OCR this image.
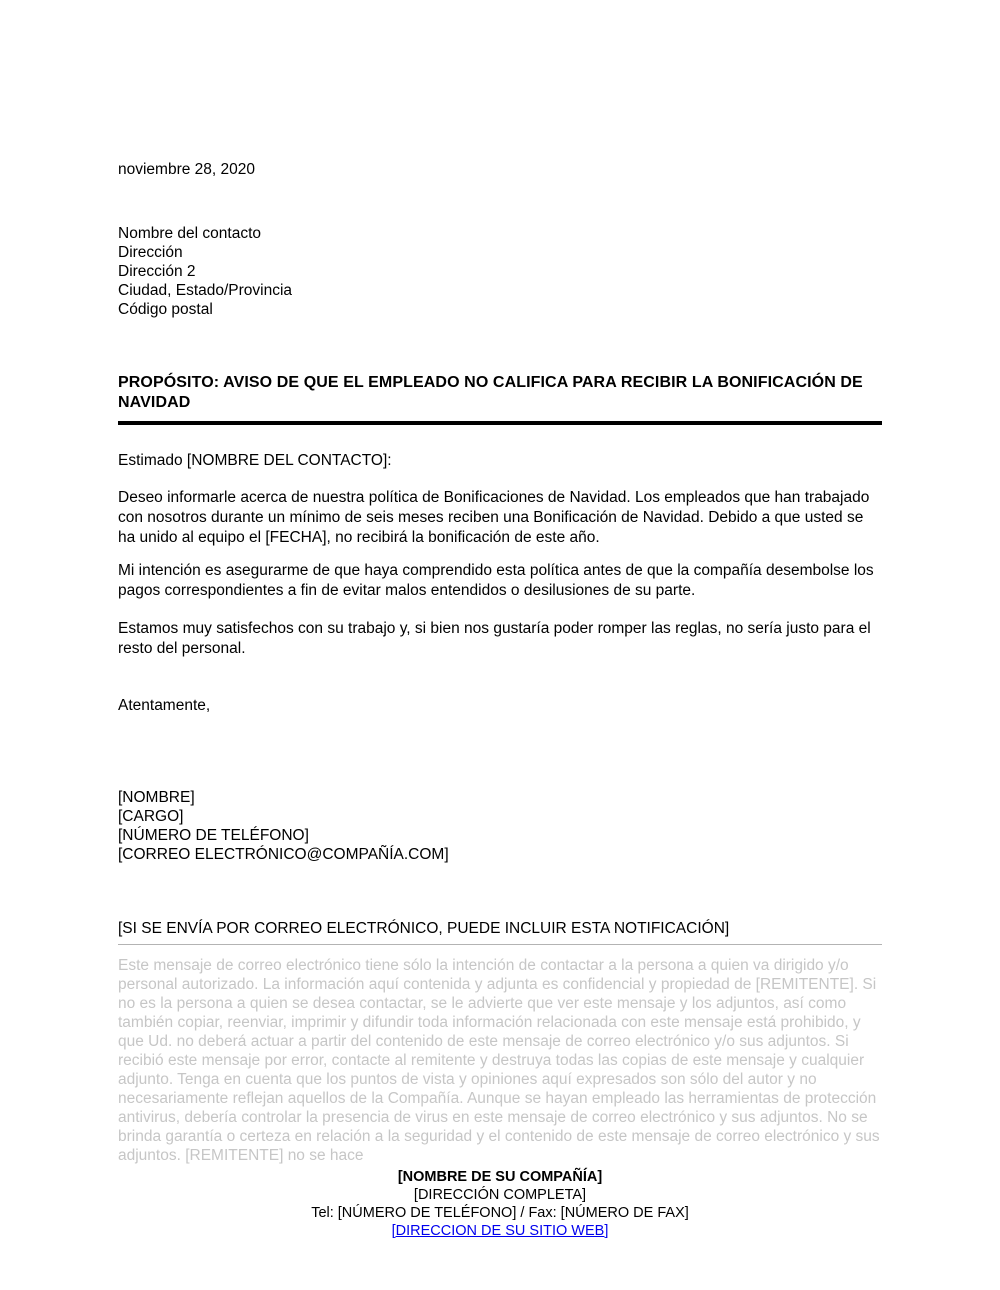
noviembre 28, 2020
Nombre del contacto
Dirección
Dirección 2
Ciudad, Estado/Provincia
Código postal
PROPÓSITO: AVISO DE QUE EL EMPLEADO NO CALIFICA PARA RECIBIR LA BONIFICACIÓN DE NAVIDAD
Estimado [NOMBRE DEL CONTACTO]:

Deseo informarle acerca de nuestra política de Bonificaciones de Navidad. Los empleados que han trabajado con nosotros durante un mínimo de seis meses reciben una Bonificación de Navidad. Debido a que usted se ha unido al equipo el [FECHA], no recibirá la bonificación de este año.

Mi intención es asegurarme de que haya comprendido esta política antes de que la compañía desembolse los pagos correspondientes a fin de evitar malos entendidos o desilusiones de su parte.

Estamos muy satisfechos con su trabajo y, si bien nos gustaría poder romper las reglas, no sería justo para el resto del personal.

Atentamente,
[NOMBRE]
[CARGO]
[NÚMERO DE TELÉFONO]
[CORREO ELECTRÓNICO@COMPAÑÍA.COM]
[SI SE ENVÍA POR CORREO ELECTRÓNICO, PUEDE INCLUIR ESTA NOTIFICACIÓN]
Este mensaje de correo electrónico tiene sólo la intención de contactar a la persona a quien va dirigido y/o personal autorizado. La información aquí contenida y adjunta es confidencial y propiedad de [REMITENTE]. Si no es la persona a quien se desea contactar, se le advierte que ver este mensaje y los adjuntos, así como también copiar, reenviar, imprimir y difundir toda información relacionada con este mensaje está prohibido, y que Ud. no deberá actuar a partir del contenido de este mensaje de correo electrónico y/o sus adjuntos. Si recibió este mensaje por error, contacte al remitente y destruya todas las copias de este mensaje y cualquier adjunto. Tenga en cuenta que los puntos de vista y opiniones aquí expresados son sólo del autor y no necesariamente reflejan aquellos de la Compañía. Aunque se hayan empleado las herramientas de protección antivirus, debería controlar la presencia de virus en este mensaje de correo electrónico y sus adjuntos. No se brinda garantía o certeza en relación a la seguridad y el contenido de este mensaje de correo electrónico y sus adjuntos. [REMITENTE] no se hace
[NOMBRE DE SU COMPAÑÍA]
[DIRECCIÓN COMPLETA]
Tel: [NÚMERO DE TELÉFONO] / Fax: [NÚMERO DE FAX]
[DIRECCION DE SU SITIO WEB]
